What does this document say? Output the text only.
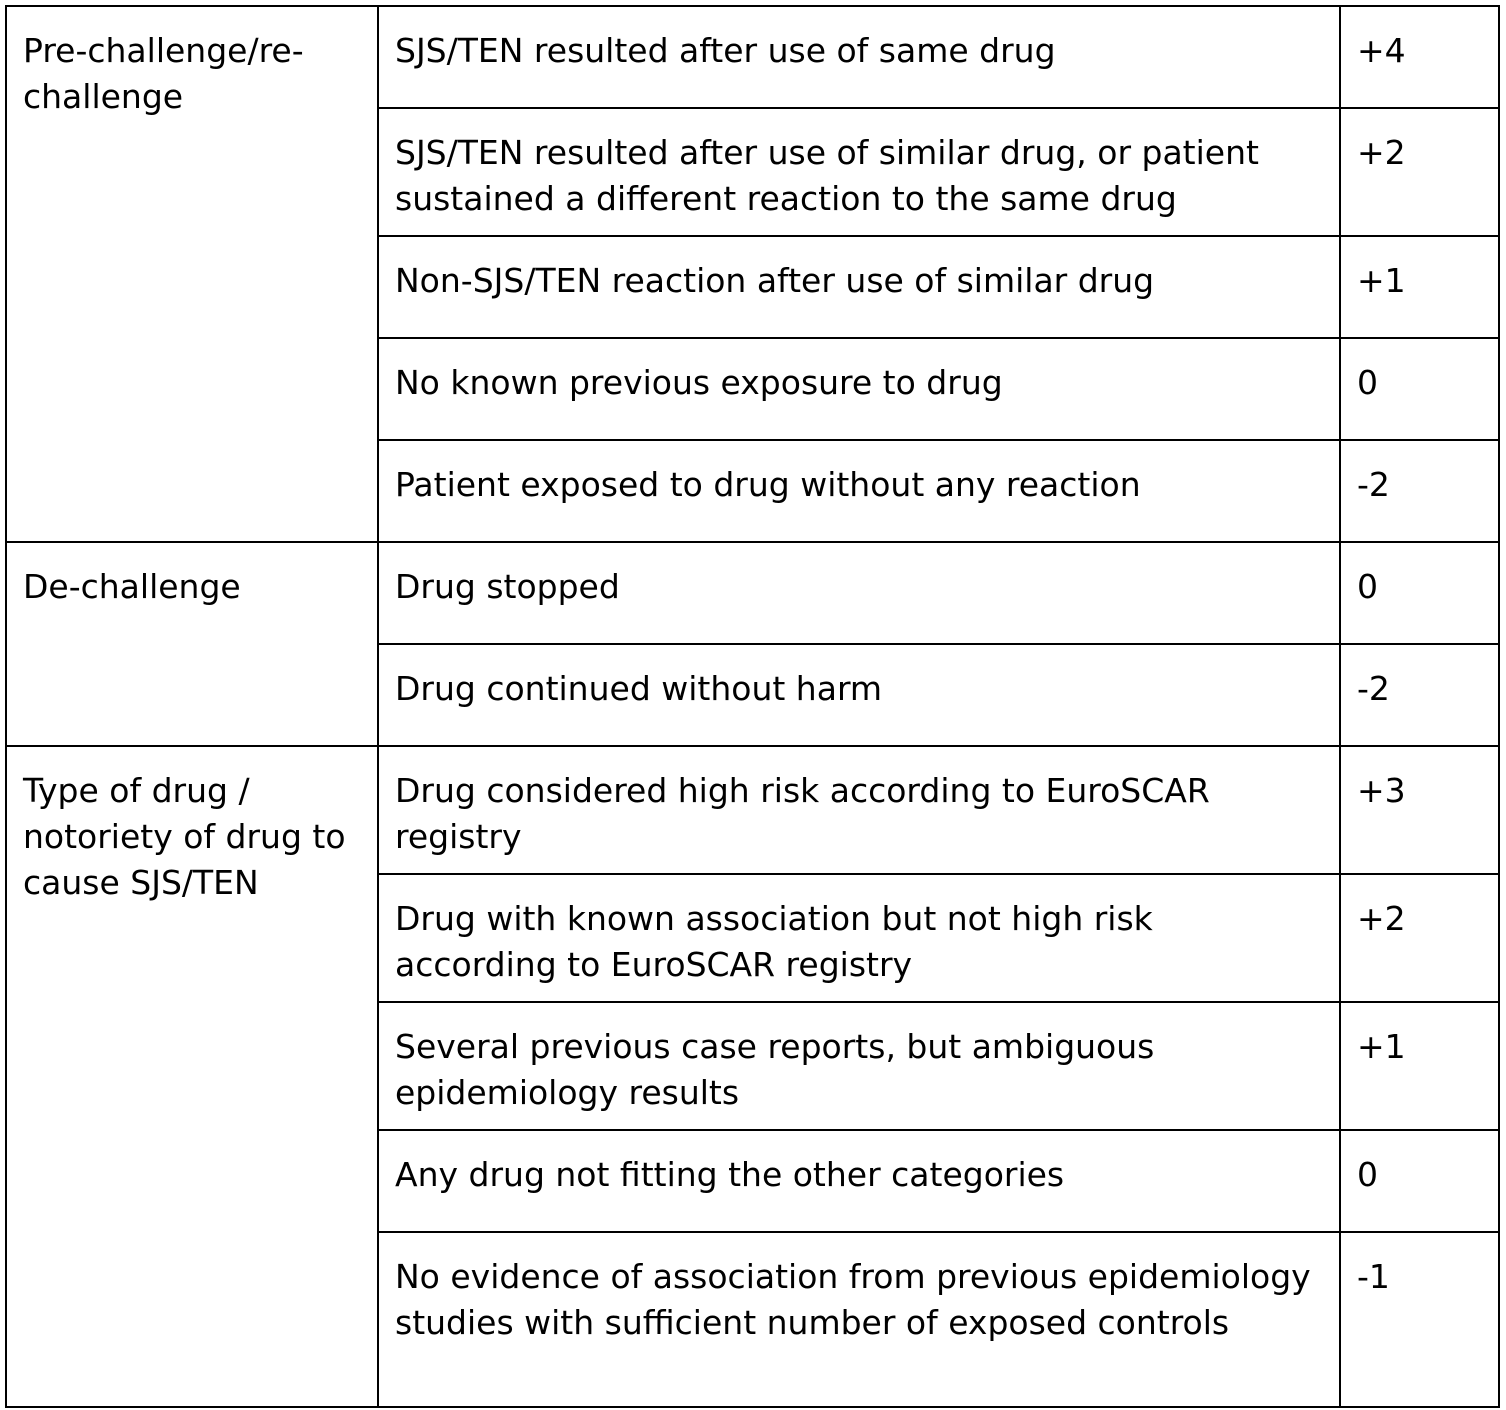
Pre-challenge/re-challenge	SJS/TEN resulted after use of same drug	+4
	SJS/TEN resulted after use of similar drug, or patient sustained a different reaction to the same drug	+2
	Non-SJS/TEN reaction after use of similar drug	+1
	No known previous exposure to drug	0
	Patient exposed to drug without any reaction	-2
De-challenge	Drug stopped	0
	Drug continued without harm	-2
Type of drug / notoriety of drug to cause SJS/TEN	Drug considered high risk according to EuroSCAR registry	+3
	Drug with known association but not high risk according to EuroSCAR registry	+2
	Several previous case reports, but ambiguous epidemiology results	+1
	Any drug not fitting the other categories	0
	No evidence of association from previous epidemiology studies with sufficient number of exposed controls	-1
